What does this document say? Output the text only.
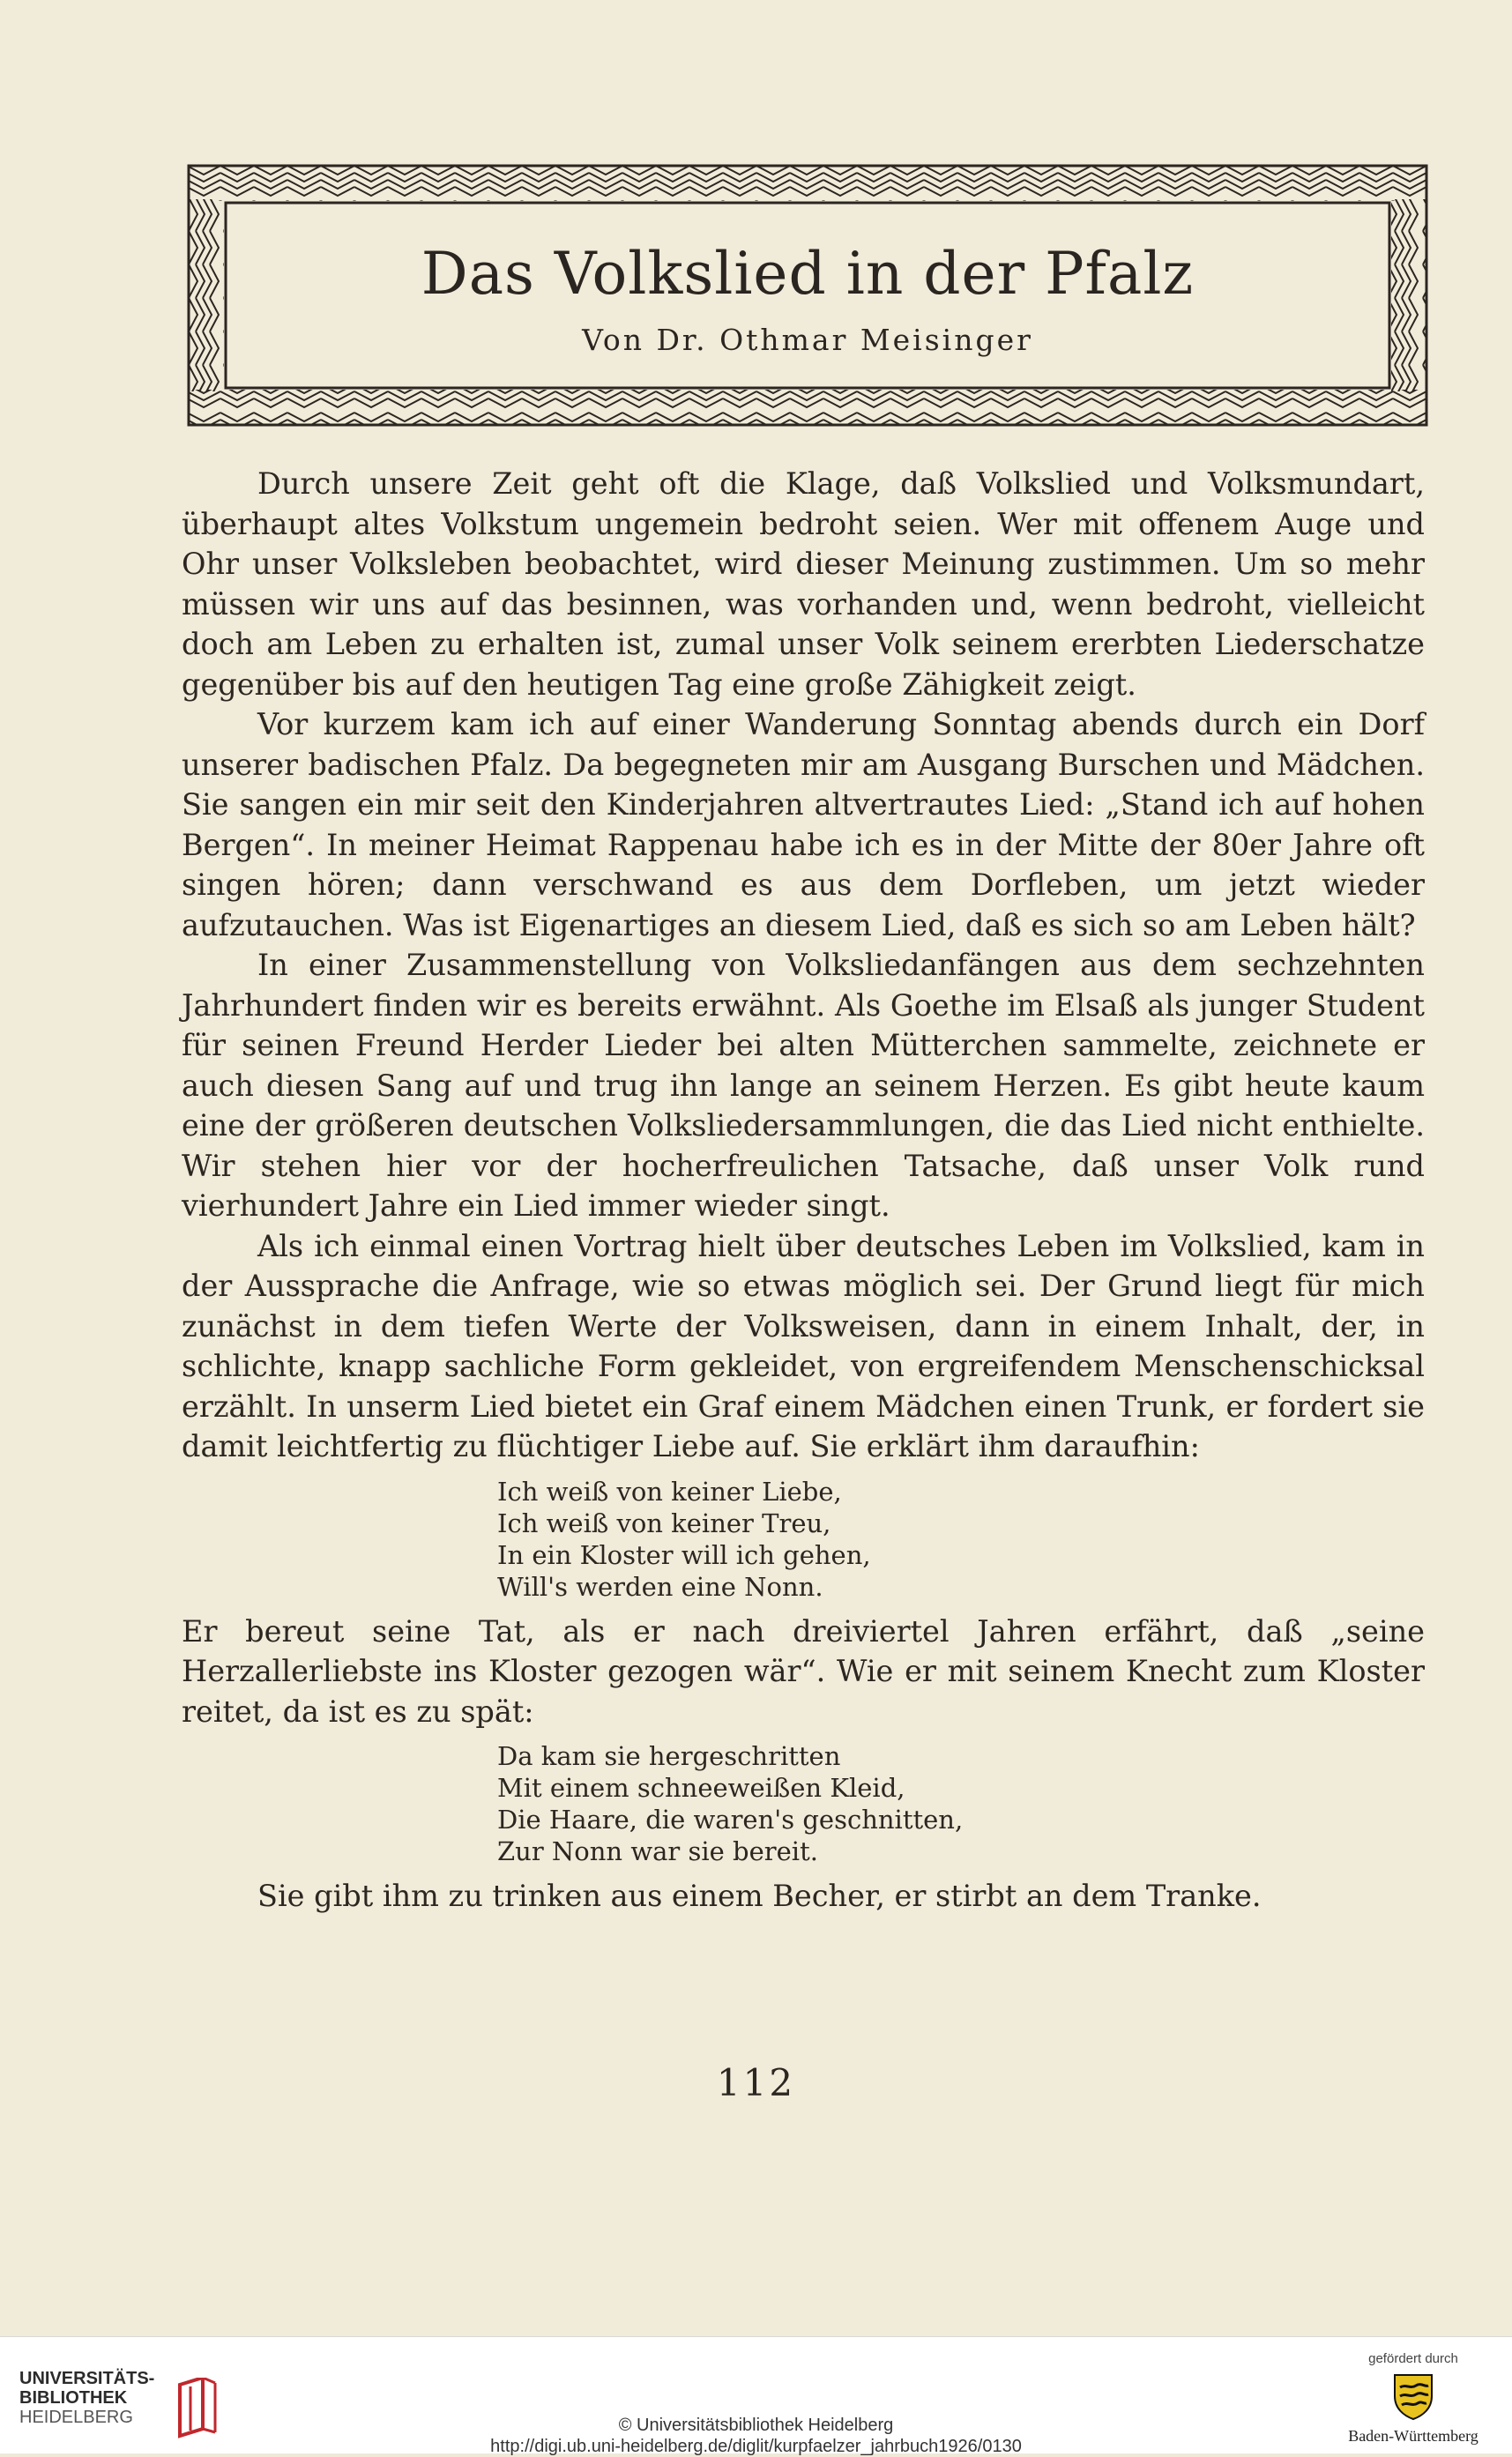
Das Volkslied in der Pfalz
Von Dr. Othmar Meisinger

Durch unsere Zeit geht oft die Klage, daß Volkslied und Volksmundart, überhaupt altes Volkstum ungemein bedroht seien. Wer mit offenem Auge und Ohr unser Volksleben beobachtet, wird dieser Meinung zustimmen. Um so mehr müssen wir uns auf das besinnen, was vorhanden und, wenn bedroht, vielleicht doch am Leben zu erhalten ist, zumal unser Volk seinem ererbten Liederschatze gegenüber bis auf den heutigen Tag eine große Zähigkeit zeigt.

Vor kurzem kam ich auf einer Wanderung Sonntag abends durch ein Dorf unserer badischen Pfalz. Da begegneten mir am Ausgang Burschen und Mädchen. Sie sangen ein mir seit den Kinderjahren altvertrautes Lied: „Stand ich auf hohen Bergen“. In meiner Heimat Rappenau habe ich es in der Mitte der 80er Jahre oft singen hören; dann verschwand es aus dem Dorfleben, um jetzt wieder aufzutauchen. Was ist Eigenartiges an diesem Lied, daß es sich so am Leben hält?

In einer Zusammenstellung von Volksliedanfängen aus dem sechzehnten Jahrhundert finden wir es bereits erwähnt. Als Goethe im Elsaß als junger Student für seinen Freund Herder Lieder bei alten Mütterchen sammelte, zeichnete er auch diesen Sang auf und trug ihn lange an seinem Herzen. Es gibt heute kaum eine der größeren deutschen Volksliedersammlungen, die das Lied nicht enthielte. Wir stehen hier vor der hocherfreulichen Tatsache, daß unser Volk rund vierhundert Jahre ein Lied immer wieder singt.

Als ich einmal einen Vortrag hielt über deutsches Leben im Volkslied, kam in der Aussprache die Anfrage, wie so etwas möglich sei. Der Grund liegt für mich zunächst in dem tiefen Werte der Volksweisen, dann in einem Inhalt, der, in schlichte, knapp sachliche Form gekleidet, von ergreifendem Menschenschicksal erzählt. In unserm Lied bietet ein Graf einem Mädchen einen Trunk, er fordert sie damit leichtfertig zu flüchtiger Liebe auf. Sie erklärt ihm daraufhin:

Ich weiß von keiner Liebe,
Ich weiß von keiner Treu,
In ein Kloster will ich gehen,
Will's werden eine Nonn.

Er bereut seine Tat, als er nach dreiviertel Jahren erfährt, daß „seine Herzallerliebste ins Kloster gezogen wär“. Wie er mit seinem Knecht zum Kloster reitet, da ist es zu spät:

Da kam sie hergeschritten
Mit einem schneeweißen Kleid,
Die Haare, die waren's geschnitten,
Zur Nonn war sie bereit.

Sie gibt ihm zu trinken aus einem Becher, er stirbt an dem Tranke.

112
UNIVERSITÄTS-
BIBLIOTHEK
HEIDELBERG	© Universitätsbibliothek Heidelberg
http://digi.ub.uni-heidelberg.de/diglit/kurpfaelzer_jahrbuch1926/0130
gefördert durch
Baden-Württemberg
